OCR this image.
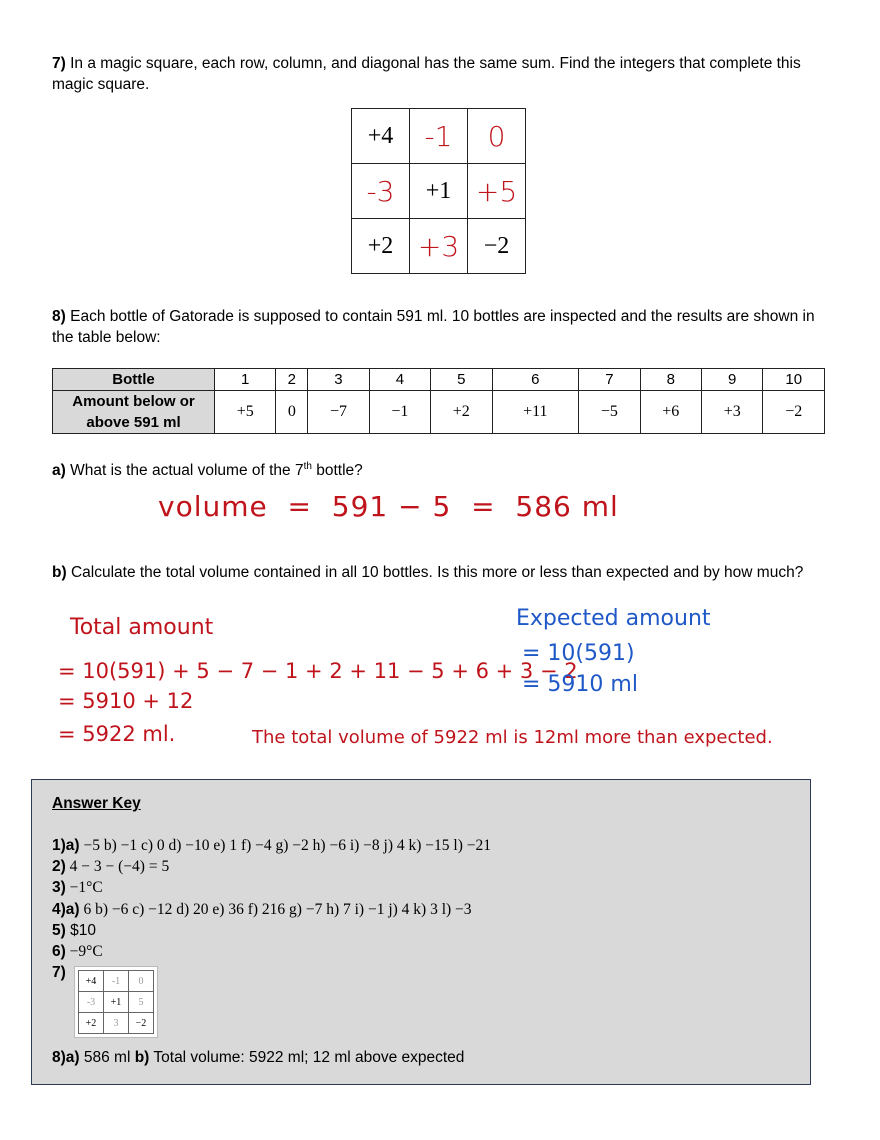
7) In a magic square, each row, column, and diagonal has the same sum. Find the integers that complete this magic square.
+4	-1	0
-3	+1	+5
+2	+3	−2
8) Each bottle of Gatorade is supposed to contain 591 ml. 10 bottles are inspected and the results are shown in the table below:
Bottle	1	2	3	4	5	6	7	8	9	10
Amount below or
above 591 ml	+5	0	−7	−1	+2	+11	−5	+6	+3	−2
a) What is the actual volume of the 7th bottle?
volume  =  591 − 5  =  586 ml
b) Calculate the total volume contained in all 10 bottles. Is this more or less than expected and by how much?
Total amount
= 10(591) + 5 − 7 − 1 + 2 + 11 − 5 + 6 + 3 − 2
= 5910 + 12
= 5922 ml.	The total volume of 5922 ml is 12ml more than expected.
Expected amount
= 10(591)
= 5910 ml
Answer Key
1)a) −5 b) −1 c) 0 d) −10 e) 1 f) −4 g) −2 h) −6 i) −8 j) 4 k) −15 l) −21
2) 4 − 3 − (−4) = 5
3) −1°C
4)a) 6 b) −6 c) −12 d) 20 e) 36 f) 216 g) −7 h) 7 i) −1 j) 4 k) 3 l) −3
5) $10
6) −9°C
7) +4	-1	0
-3	+1	5
+2	3	−2
8)a) 586 ml b) Total volume: 5922 ml; 12 ml above expected
